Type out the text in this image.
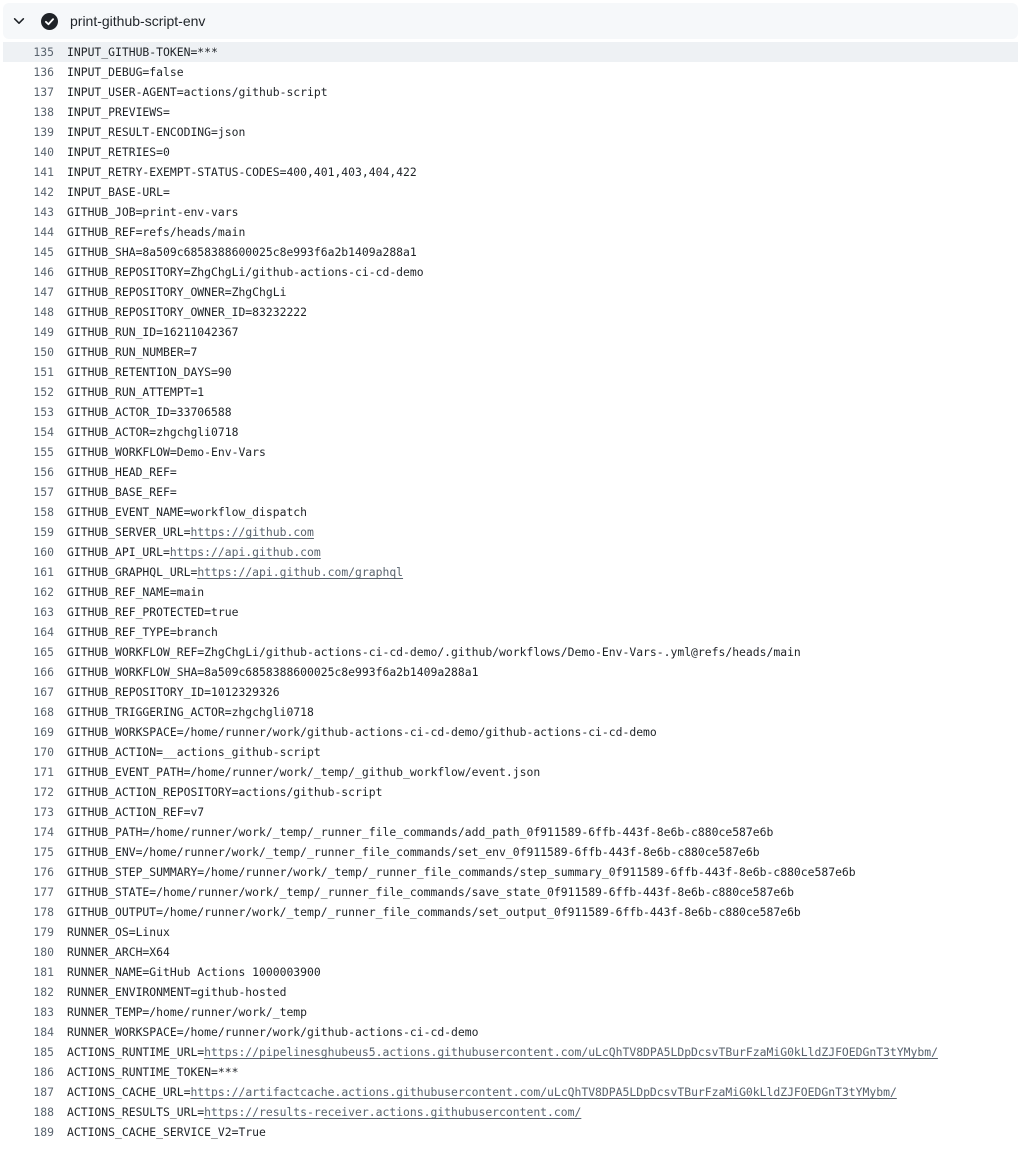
print-github-script-env
135 INPUT_GITHUB-TOKEN=***
136 INPUT_DEBUG=false
137 INPUT_USER-AGENT=actions/github-script
138 INPUT_PREVIEWS=
139 INPUT_RESULT-ENCODING=json
140 INPUT_RETRIES=0
141 INPUT_RETRY-EXEMPT-STATUS-CODES=400,401,403,404,422
142 INPUT_BASE-URL=
143 GITHUB_JOB=print-env-vars
144 GITHUB_REF=refs/heads/main
145 GITHUB_SHA=8a509c6858388600025c8e993f6a2b1409a288a1
146 GITHUB_REPOSITORY=ZhgChgLi/github-actions-ci-cd-demo
147 GITHUB_REPOSITORY_OWNER=ZhgChgLi
148 GITHUB_REPOSITORY_OWNER_ID=83232222
149 GITHUB_RUN_ID=16211042367
150 GITHUB_RUN_NUMBER=7
151 GITHUB_RETENTION_DAYS=90
152 GITHUB_RUN_ATTEMPT=1
153 GITHUB_ACTOR_ID=33706588
154 GITHUB_ACTOR=zhgchgli0718
155 GITHUB_WORKFLOW=Demo-Env-Vars
156 GITHUB_HEAD_REF=
157 GITHUB_BASE_REF=
158 GITHUB_EVENT_NAME=workflow_dispatch
159 GITHUB_SERVER_URL=https://github.com
160 GITHUB_API_URL=https://api.github.com
161 GITHUB_GRAPHQL_URL=https://api.github.com/graphql
162 GITHUB_REF_NAME=main
163 GITHUB_REF_PROTECTED=true
164 GITHUB_REF_TYPE=branch
165 GITHUB_WORKFLOW_REF=ZhgChgLi/github-actions-ci-cd-demo/.github/workflows/Demo-Env-Vars-.yml@refs/heads/main
166 GITHUB_WORKFLOW_SHA=8a509c6858388600025c8e993f6a2b1409a288a1
167 GITHUB_REPOSITORY_ID=1012329326
168 GITHUB_TRIGGERING_ACTOR=zhgchgli0718
169 GITHUB_WORKSPACE=/home/runner/work/github-actions-ci-cd-demo/github-actions-ci-cd-demo
170 GITHUB_ACTION=__actions_github-script
171 GITHUB_EVENT_PATH=/home/runner/work/_temp/_github_workflow/event.json
172 GITHUB_ACTION_REPOSITORY=actions/github-script
173 GITHUB_ACTION_REF=v7
174 GITHUB_PATH=/home/runner/work/_temp/_runner_file_commands/add_path_0f911589-6ffb-443f-8e6b-c880ce587e6b
175 GITHUB_ENV=/home/runner/work/_temp/_runner_file_commands/set_env_0f911589-6ffb-443f-8e6b-c880ce587e6b
176 GITHUB_STEP_SUMMARY=/home/runner/work/_temp/_runner_file_commands/step_summary_0f911589-6ffb-443f-8e6b-c880ce587e6b
177 GITHUB_STATE=/home/runner/work/_temp/_runner_file_commands/save_state_0f911589-6ffb-443f-8e6b-c880ce587e6b
178 GITHUB_OUTPUT=/home/runner/work/_temp/_runner_file_commands/set_output_0f911589-6ffb-443f-8e6b-c880ce587e6b
179 RUNNER_OS=Linux
180 RUNNER_ARCH=X64
181 RUNNER_NAME=GitHub Actions 1000003900
182 RUNNER_ENVIRONMENT=github-hosted
183 RUNNER_TEMP=/home/runner/work/_temp
184 RUNNER_WORKSPACE=/home/runner/work/github-actions-ci-cd-demo
185 ACTIONS_RUNTIME_URL=https://pipelinesghubeus5.actions.githubusercontent.com/uLcQhTV8DPA5LDpDcsvTBurFzaMiG0kLldZJFOEDGnT3tYMybm/
186 ACTIONS_RUNTIME_TOKEN=***
187 ACTIONS_CACHE_URL=https://artifactcache.actions.githubusercontent.com/uLcQhTV8DPA5LDpDcsvTBurFzaMiG0kLldZJFOEDGnT3tYMybm/
188 ACTIONS_RESULTS_URL=https://results-receiver.actions.githubusercontent.com/
189 ACTIONS_CACHE_SERVICE_V2=True
